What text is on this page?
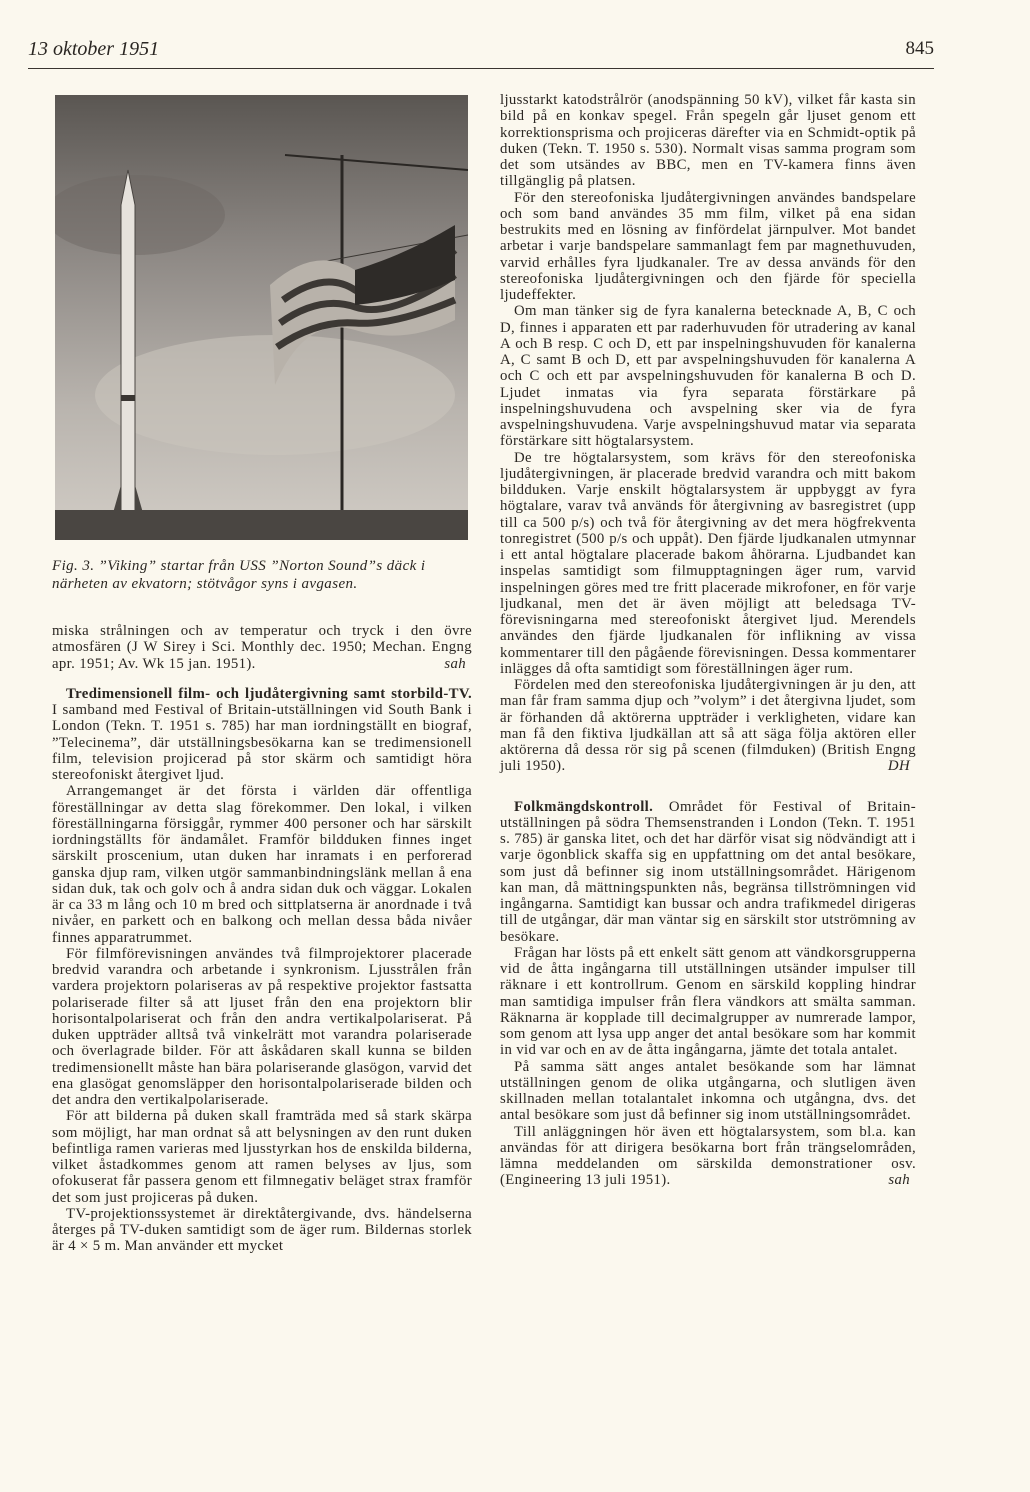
13 oktober 1951	845
Fig. 3. ”Viking” startar från USS ”Norton Sound”s däck i närheten av ekvatorn; stötvågor syns i avgasen.

miska strålningen och av temperatur och tryck i den övre atmosfären (J W Sirey i Sci. Monthly dec. 1950; Mechan. Engng apr. 1951; Av. Wk 15 jan. 1951).	sah

Tredimensionell film- och ljudåtergivning samt storbild-TV. I samband med Festival of Britain-utställningen vid South Bank i London (Tekn. T. 1951 s. 785) har man iordningställt en biograf, ”Telecinema”, där utställningsbesökarna kan se tredimensionell film, television projicerad på stor skärm och samtidigt höra stereofoniskt återgivet ljud.

Arrangemanget är det första i världen där offentliga föreställningar av detta slag förekommer. Den lokal, i vilken föreställningarna försiggår, rymmer 400 personer och har särskilt iordningställts för ändamålet. Framför bildduken finnes inget särskilt proscenium, utan duken har inramats i en perforerad ganska djup ram, vilken utgör sammanbindningslänk mellan å ena sidan duk, tak och golv och å andra sidan duk och väggar. Lokalen är ca 33 m lång och 10 m bred och sittplatserna är anordnade i två nivåer, en parkett och en balkong och mellan dessa båda nivåer finnes apparatrummet.

För filmförevisningen användes två filmprojektorer placerade bredvid varandra och arbetande i synkronism. Ljusstrålen från vardera projektorn polariseras av på respektive projektor fastsatta polariserade filter så att ljuset från den ena projektorn blir horisontalpolariserat och från den andra vertikalpolariserat. På duken uppträder alltså två vinkelrätt mot varandra polariserade och överlagrade bilder. För att åskådaren skall kunna se bilden tredimensionellt måste han bära polariserande glasögon, varvid det ena glasögat genomsläpper den horisontalpolariserade bilden och det andra den vertikalpolariserade.

För att bilderna på duken skall framträda med så stark skärpa som möjligt, har man ordnat så att belysningen av den runt duken befintliga ramen varieras med ljusstyrkan hos de enskilda bilderna, vilket åstadkommes genom att ramen belyses av ljus, som ofokuserat får passera genom ett filmnegativ beläget strax framför det som just projiceras på duken.

TV-projektionssystemet är direktåtergivande, dvs. händelserna återges på TV-duken samtidigt som de äger rum. Bildernas storlek är 4 × 5 m. Man använder ett mycket

ljusstarkt katodstrålrör (anodspänning 50 kV), vilket får kasta sin bild på en konkav spegel. Från spegeln går ljuset genom ett korrektionsprisma och projiceras därefter via en Schmidt-optik på duken (Tekn. T. 1950 s. 530). Normalt visas samma program som det som utsändes av BBC, men en TV-kamera finns även tillgänglig på platsen.

För den stereofoniska ljudåtergivningen användes bandspelare och som band användes 35 mm film, vilket på ena sidan bestrukits med en lösning av finfördelat järnpulver. Mot bandet arbetar i varje bandspelare sammanlagt fem par magnethuvuden, varvid erhålles fyra ljudkanaler. Tre av dessa används för den stereofoniska ljudåtergivningen och den fjärde för speciella ljudeffekter.

Om man tänker sig de fyra kanalerna betecknade A, B, C och D, finnes i apparaten ett par raderhuvuden för utradering av kanal A och B resp. C och D, ett par inspelningshuvuden för kanalerna A, C samt B och D, ett par avspelningshuvuden för kanalerna A och C och ett par avspelningshuvuden för kanalerna B och D. Ljudet inmatas via fyra separata förstärkare på inspelningshuvudena och avspelning sker via de fyra avspelningshuvudena. Varje avspelningshuvud matar via separata förstärkare sitt högtalarsystem.

De tre högtalarsystem, som krävs för den stereofoniska ljudåtergivningen, är placerade bredvid varandra och mitt bakom bildduken. Varje enskilt högtalarsystem är uppbyggt av fyra högtalare, varav två används för återgivning av basregistret (upp till ca 500 p/s) och två för återgivning av det mera högfrekventa tonregistret (500 p/s och uppåt). Den fjärde ljudkanalen utmynnar i ett antal högtalare placerade bakom åhörarna. Ljudbandet kan inspelas samtidigt som filmupptagningen äger rum, varvid inspelningen göres med tre fritt placerade mikrofoner, en för varje ljudkanal, men det är även möjligt att beledsaga TV-förevisningarna med stereofoniskt återgivet ljud. Merendels användes den fjärde ljudkanalen för inflikning av vissa kommentarer till den pågående förevisningen. Dessa kommentarer inlägges då ofta samtidigt som föreställningen äger rum.

Fördelen med den stereofoniska ljudåtergivningen är ju den, att man får fram samma djup och ”volym” i det återgivna ljudet, som är förhanden då aktörerna uppträder i verkligheten, vidare kan man få den fiktiva ljudkällan att så att säga följa aktören eller aktörerna då dessa rör sig på scenen (filmduken) (British Engng juli 1950).	DH

Folkmängdskontroll. Området för Festival of Britain-utställningen på södra Themsenstranden i London (Tekn. T. 1951 s. 785) är ganska litet, och det har därför visat sig nödvändigt att i varje ögonblick skaffa sig en uppfattning om det antal besökare, som just då befinner sig inom utställningsområdet. Härigenom kan man, då mättningspunkten nås, begränsa tillströmningen vid ingångarna. Samtidigt kan bussar och andra trafikmedel dirigeras till de utgångar, där man väntar sig en särskilt stor utströmning av besökare.

Frågan har lösts på ett enkelt sätt genom att vändkorsgrupperna vid de åtta ingångarna till utställningen utsänder impulser till räknare i ett kontrollrum. Genom en särskild koppling hindrar man samtidiga impulser från flera vändkors att smälta samman. Räknarna är kopplade till decimalgrupper av numrerade lampor, som genom att lysa upp anger det antal besökare som har kommit in vid var och en av de åtta ingångarna, jämte det totala antalet.

På samma sätt anges antalet besökande som har lämnat utställningen genom de olika utgångarna, och slutligen även skillnaden mellan totalantalet inkomna och utgångna, dvs. det antal besökare som just då befinner sig inom utställningsområdet.

Till anläggningen hör även ett högtalarsystem, som bl.a. kan användas för att dirigera besökarna bort från trängselområden, lämna meddelanden om särskilda demonstrationer osv. (Engineering 13 juli 1951).	sah
